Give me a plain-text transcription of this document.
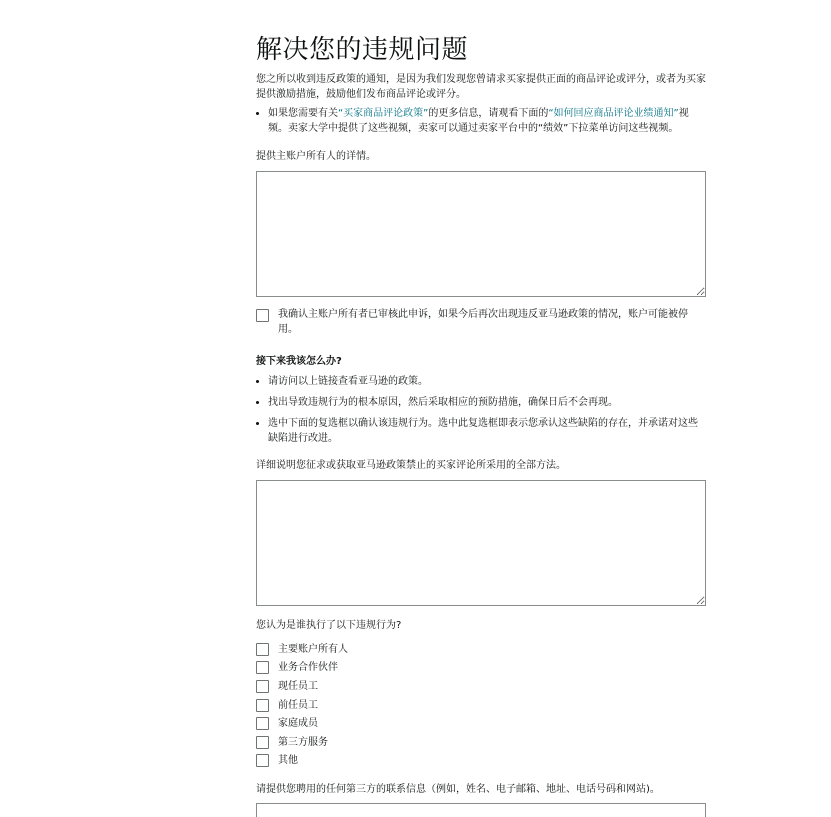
解决您的违规问题

您之所以收到违反政策的通知，是因为我们发现您曾请求买家提供正面的商品评论或评分，或者为买家提供激励措施，鼓励他们发布商品评论或评分。

• 如果您需要有关“买家商品评论政策”的更多信息，请观看下面的“如何回应商品评论业绩通知”视频。卖家大学中提供了这些视频，卖家可以通过卖家平台中的“绩效”下拉菜单访问这些视频。
提供主账户所有人的详情。
我确认主账户所有者已审核此申诉，如果今后再次出现违反亚马逊政策的情况，账户可能被停用。
接下来我该怎么办?
• 请访问以上链接查看亚马逊的政策。
• 找出导致违规行为的根本原因，然后采取相应的预防措施，确保日后不会再现。
• 选中下面的复选框以确认该违规行为。选中此复选框即表示您承认这些缺陷的存在，并承诺对这些缺陷进行改进。
详细说明您征求或获取亚马逊政策禁止的买家评论所采用的全部方法。
您认为是谁执行了以下违规行为?
主要账户所有人
业务合作伙伴
现任员工
前任员工
家庭成员
第三方服务
其他
请提供您聘用的任何第三方的联系信息（例如，姓名、电子邮箱、地址、电话号码和网站)。
